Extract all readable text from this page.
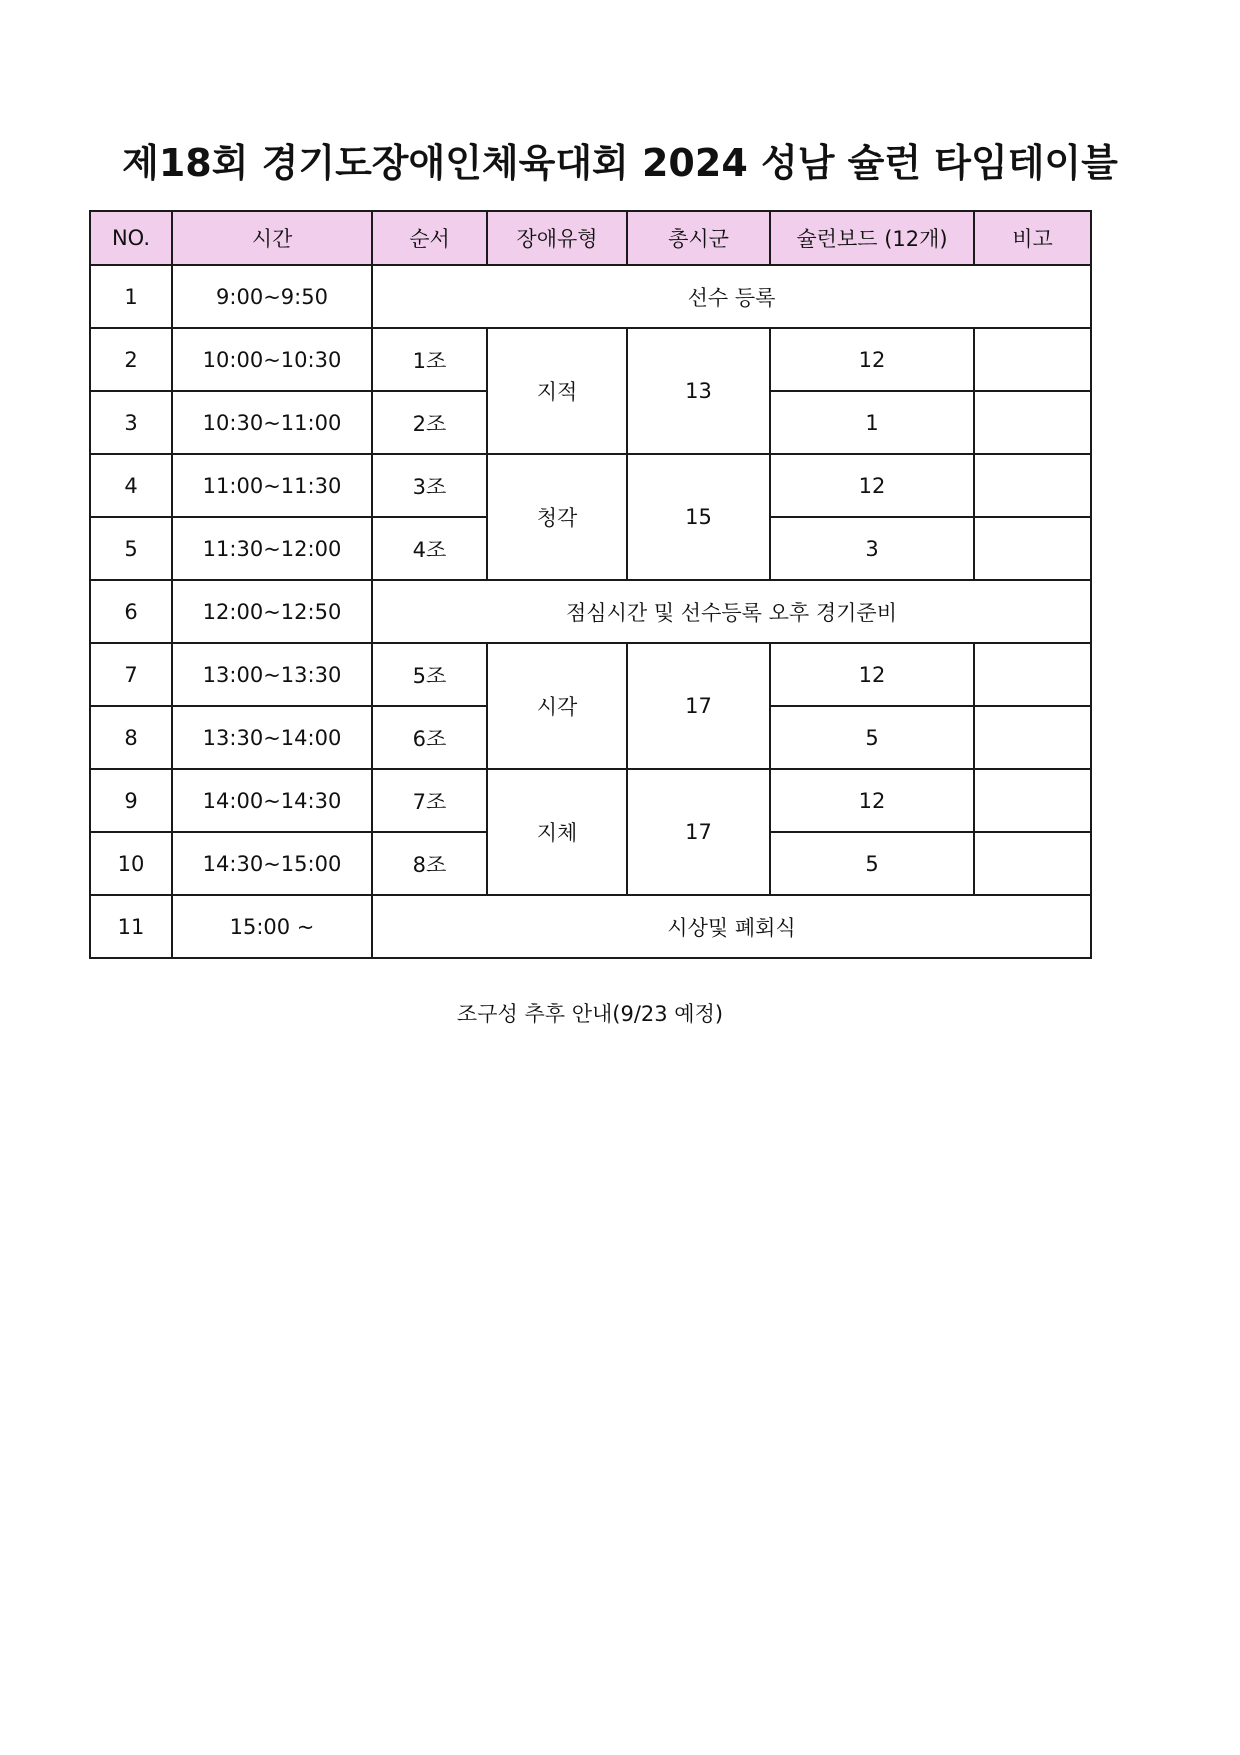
제18회 경기도장애인체육대회 2024 성남 슐런 타임테이블
NO.	시간	순서	장애유형	총시군	슐런보드 (12개)	비고
1	9:00~9:50	선수 등록				
2	10:00~10:30	1조	지적	13	12	
3	10:30~11:00	2조			1	
4	11:00~11:30	3조	청각	15	12	
5	11:30~12:00	4조			3	
6	12:00~12:50	점심시간 및 선수등록 오후 경기준비				
7	13:00~13:30	5조	시각	17	12	
8	13:30~14:00	6조			5	
9	14:00~14:30	7조	지체	17	12	
10	14:30~15:00	8조			5	
11	15:00 ~	시상및 폐회식				
조구성 추후 안내(9/23 예정)
